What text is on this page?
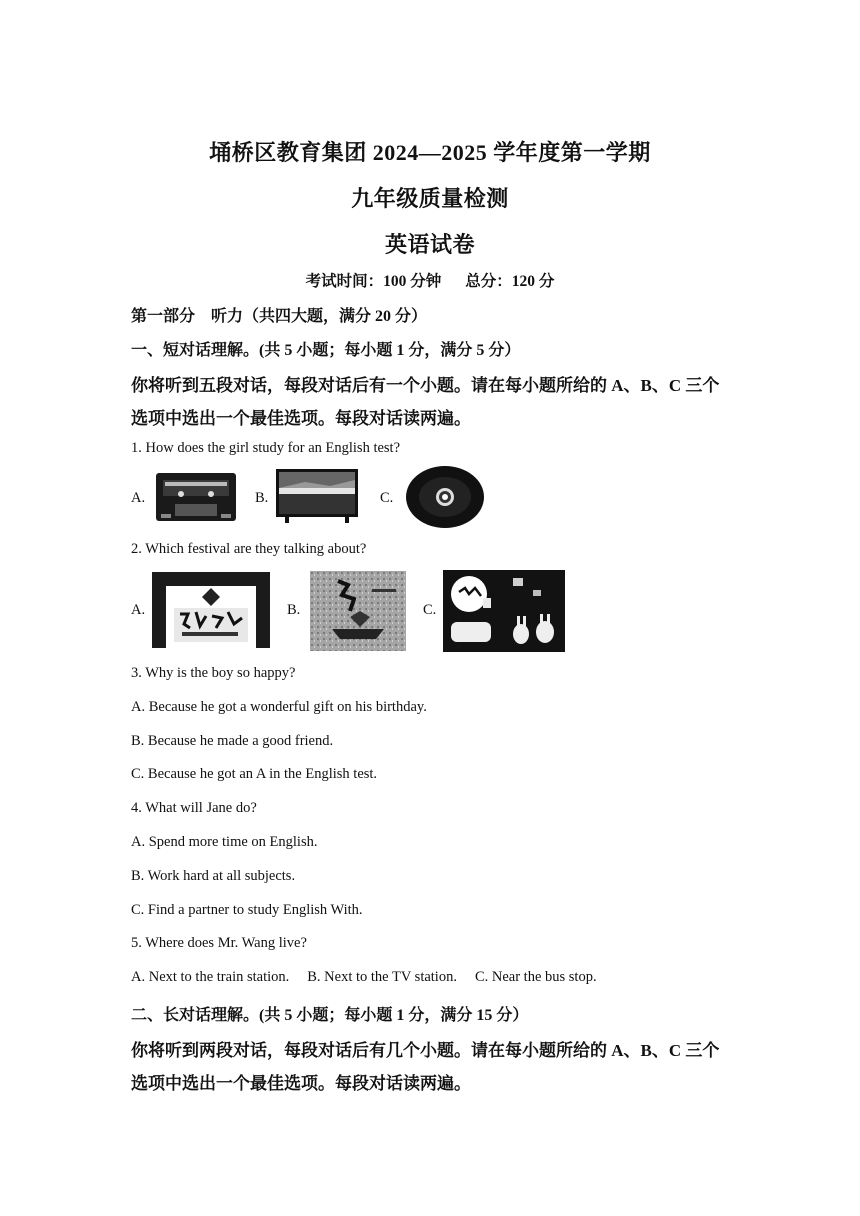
埇桥区教育集团 2024—2025 学年度第一学期
九年级质量检测
英语试卷
考试时间：100 分钟 总分：120 分
第一部分　听力（共四大题，满分 20 分）
一、短对话理解。(共 5 小题；每小题 1 分，满分 5 分）
你将听到五段对话，每段对话后有一个小题。请在每小题所给的 A、B、C 三个
选项中选出一个最佳选项。每段对话读两遍。
1. How does the girl study for an English test?
A.	B.	C.
2. Which festival are they talking about?
A.	B.	C.
3. Why is the boy so happy?
A. Because he got a wonderful gift on his birthday.
B. Because he made a good friend.
C. Because he got an A in the English test.
4. What will Jane do?
A. Spend more time on English.
B. Work hard at all subjects.
C. Find a partner to study English With.
5. Where does Mr. Wang live?
A. Next to the train station. B. Next to the TV station. C. Near the bus stop.
二、长对话理解。(共 5 小题；每小题 1 分，满分 15 分）
你将听到两段对话，每段对话后有几个小题。请在每小题所给的 A、B、C 三个
选项中选出一个最佳选项。每段对话读两遍。
